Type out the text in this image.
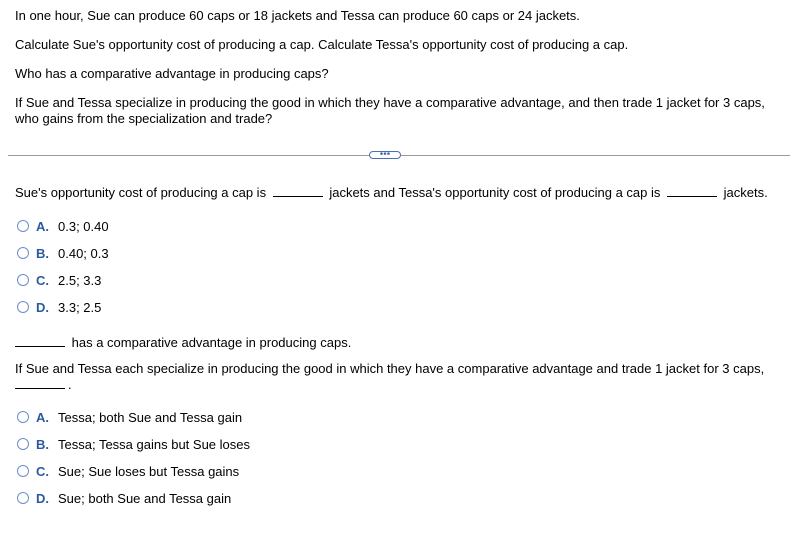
In one hour, Sue can produce 60 caps or 18 jackets and Tessa can produce 60 caps or 24 jackets.

Calculate Sue's opportunity cost of producing a cap. Calculate Tessa's opportunity cost of producing a cap.

Who has a comparative advantage in producing caps?

If Sue and Tessa specialize in producing the good in which they have a comparative advantage, and then trade 1 jacket for 3 caps,

who gains from the specialization and trade?

•••

Sue's opportunity cost of producing a cap is	jackets and Tessa's opportunity cost of producing a cap is	jackets.

A. 0.3; 0.40
B. 0.40; 0.3
C. 2.5; 3.3
D. 3.3; 2.5

has a comparative advantage in producing caps.

If Sue and Tessa each specialize in producing the good in which they have a comparative advantage and trade 1 jacket for 3 caps,

.

A. Tessa; both Sue and Tessa gain
B. Tessa; Tessa gains but Sue loses
C. Sue; Sue loses but Tessa gains
D. Sue; both Sue and Tessa gain
